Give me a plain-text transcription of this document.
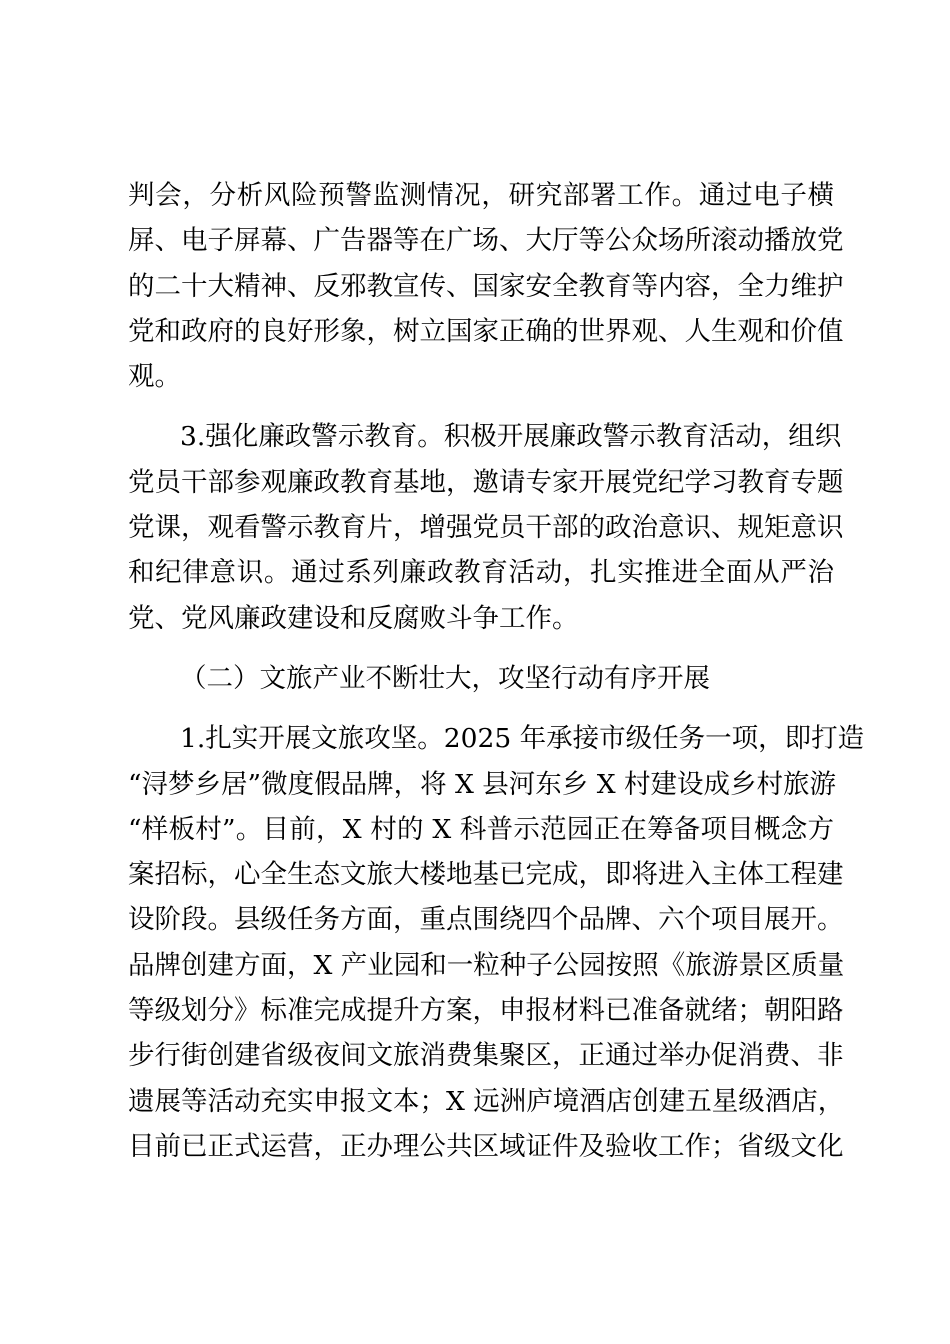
判会，分析风险预警监测情况，研究部署工作。通过电子横
屏、电子屏幕、广告器等在广场、大厅等公众场所滚动播放党
的二十大精神、反邪教宣传、国家安全教育等内容，全力维护
党和政府的良好形象，树立国家正确的世界观、人生观和价值
观。
3.强化廉政警示教育。积极开展廉政警示教育活动，组织
党员干部参观廉政教育基地，邀请专家开展党纪学习教育专题
党课，观看警示教育片，增强党员干部的政治意识、规矩意识
和纪律意识。通过系列廉政教育活动，扎实推进全面从严治
党、党风廉政建设和反腐败斗争工作。
（二）文旅产业不断壮大，攻坚行动有序开展
1.扎实开展文旅攻坚。2025 年承接市级任务一项，即打造
“浔梦乡居”微度假品牌，将 X 县河东乡 X 村建设成乡村旅游
“样板村”。目前，X 村的 X 科普示范园正在筹备项目概念方
案招标，心全生态文旅大楼地基已完成，即将进入主体工程建
设阶段。县级任务方面，重点围绕四个品牌、六个项目展开。
品牌创建方面，X 产业园和一粒种子公园按照《旅游景区质量
等级划分》标准完成提升方案，申报材料已准备就绪；朝阳路
步行街创建省级夜间文旅消费集聚区，正通过举办促消费、非
遗展等活动充实申报文本；X 远洲庐境酒店创建五星级酒店，
目前已正式运营，正办理公共区域证件及验收工作；省级文化
